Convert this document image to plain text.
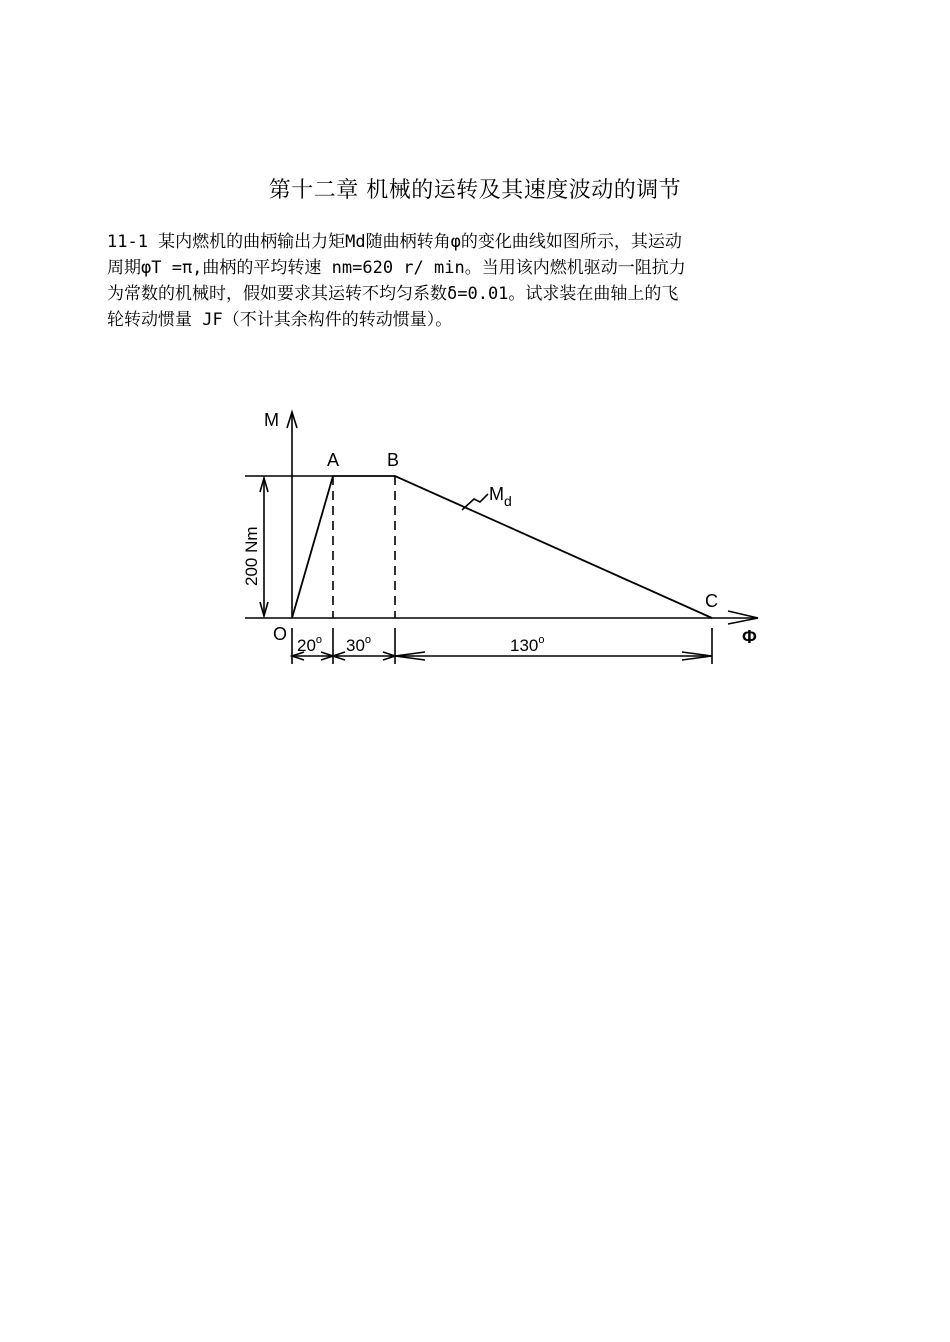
第十二章 机械的运转及其速度波动的调节
11-1 某内燃机的曲柄输出力矩Md随曲柄转角φ的变化曲线如图所示，其运动
周期φT =π,曲柄的平均转速 nm=620 r/ min。当用该内燃机驱动一阻抗力
为常数的机械时，假如要求其运转不均匀系数δ=0.01。试求装在曲轴上的飞
轮转动惯量 JF（不计其余构件的转动惯量）。
M
A	B
C
O	Φ
$M_d$
200 Nm
20$^o$ 30$^o$	130$^o$
